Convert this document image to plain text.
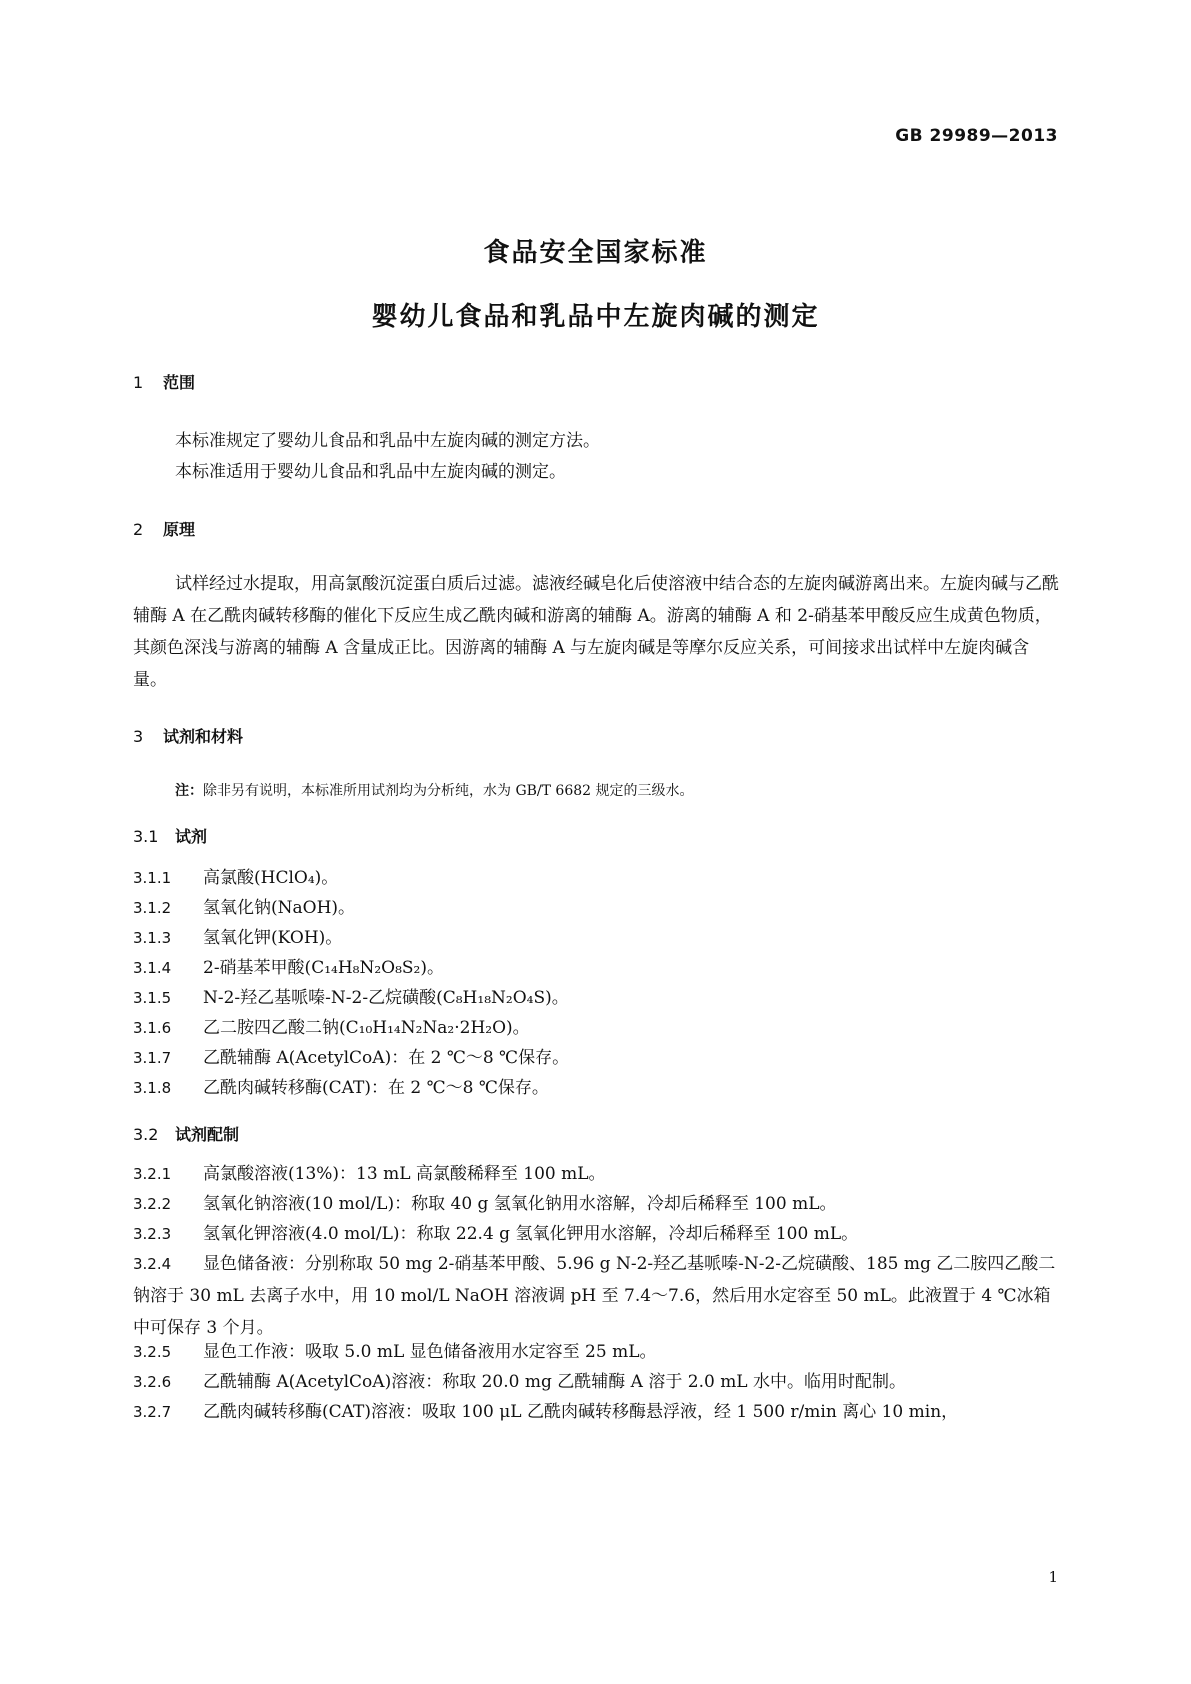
GB 29989—2013
食品安全国家标准
婴幼儿食品和乳品中左旋肉碱的测定
1 范围
本标准规定了婴幼儿食品和乳品中左旋肉碱的测定方法。
本标准适用于婴幼儿食品和乳品中左旋肉碱的测定。
2 原理
试样经过水提取，用高氯酸沉淀蛋白质后过滤。滤液经碱皂化后使溶液中结合态的左旋肉碱游离出来。左旋肉碱与乙酰辅酶 A 在乙酰肉碱转移酶的催化下反应生成乙酰肉碱和游离的辅酶 A。游离的辅酶 A 和 2-硝基苯甲酸反应生成黄色物质，其颜色深浅与游离的辅酶 A 含量成正比。因游离的辅酶 A 与左旋肉碱是等摩尔反应关系，可间接求出试样中左旋肉碱含量。
3 试剂和材料
注：除非另有说明，本标准所用试剂均为分析纯，水为 GB/T 6682 规定的三级水。
3.1 试剂
3.1.1 高氯酸(HClO₄)。
3.1.2 氢氧化钠(NaOH)。
3.1.3 氢氧化钾(KOH)。
3.1.4 2-硝基苯甲酸(C₁₄H₈N₂O₈S₂)。
3.1.5 N-2-羟乙基哌嗪-N-2-乙烷磺酸(C₈H₁₈N₂O₄S)。
3.1.6 乙二胺四乙酸二钠(C₁₀H₁₄N₂Na₂·2H₂O)。
3.1.7 乙酰辅酶 A(AcetylCoA)：在 2 ℃～8 ℃保存。
3.1.8 乙酰肉碱转移酶(CAT)：在 2 ℃～8 ℃保存。
3.2 试剂配制
3.2.1 高氯酸溶液(13%)：13 mL 高氯酸稀释至 100 mL。
3.2.2 氢氧化钠溶液(10 mol/L)：称取 40 g 氢氧化钠用水溶解，冷却后稀释至 100 mL。
3.2.3 氢氧化钾溶液(4.0 mol/L)：称取 22.4 g 氢氧化钾用水溶解，冷却后稀释至 100 mL。
3.2.4 显色储备液：分别称取 50 mg 2-硝基苯甲酸、5.96 g N-2-羟乙基哌嗪-N-2-乙烷磺酸、185 mg 乙二胺四乙酸二钠溶于 30 mL 去离子水中，用 10 mol/L NaOH 溶液调 pH 至 7.4～7.6，然后用水定容至 50 mL。此液置于 4 ℃冰箱中可保存 3 个月。
3.2.5 显色工作液：吸取 5.0 mL 显色储备液用水定容至 25 mL。
3.2.6 乙酰辅酶 A(AcetylCoA)溶液：称取 20.0 mg 乙酰辅酶 A 溶于 2.0 mL 水中。临用时配制。
3.2.7 乙酰肉碱转移酶(CAT)溶液：吸取 100 μL 乙酰肉碱转移酶悬浮液，经 1 500 r/min 离心 10 min，
1
